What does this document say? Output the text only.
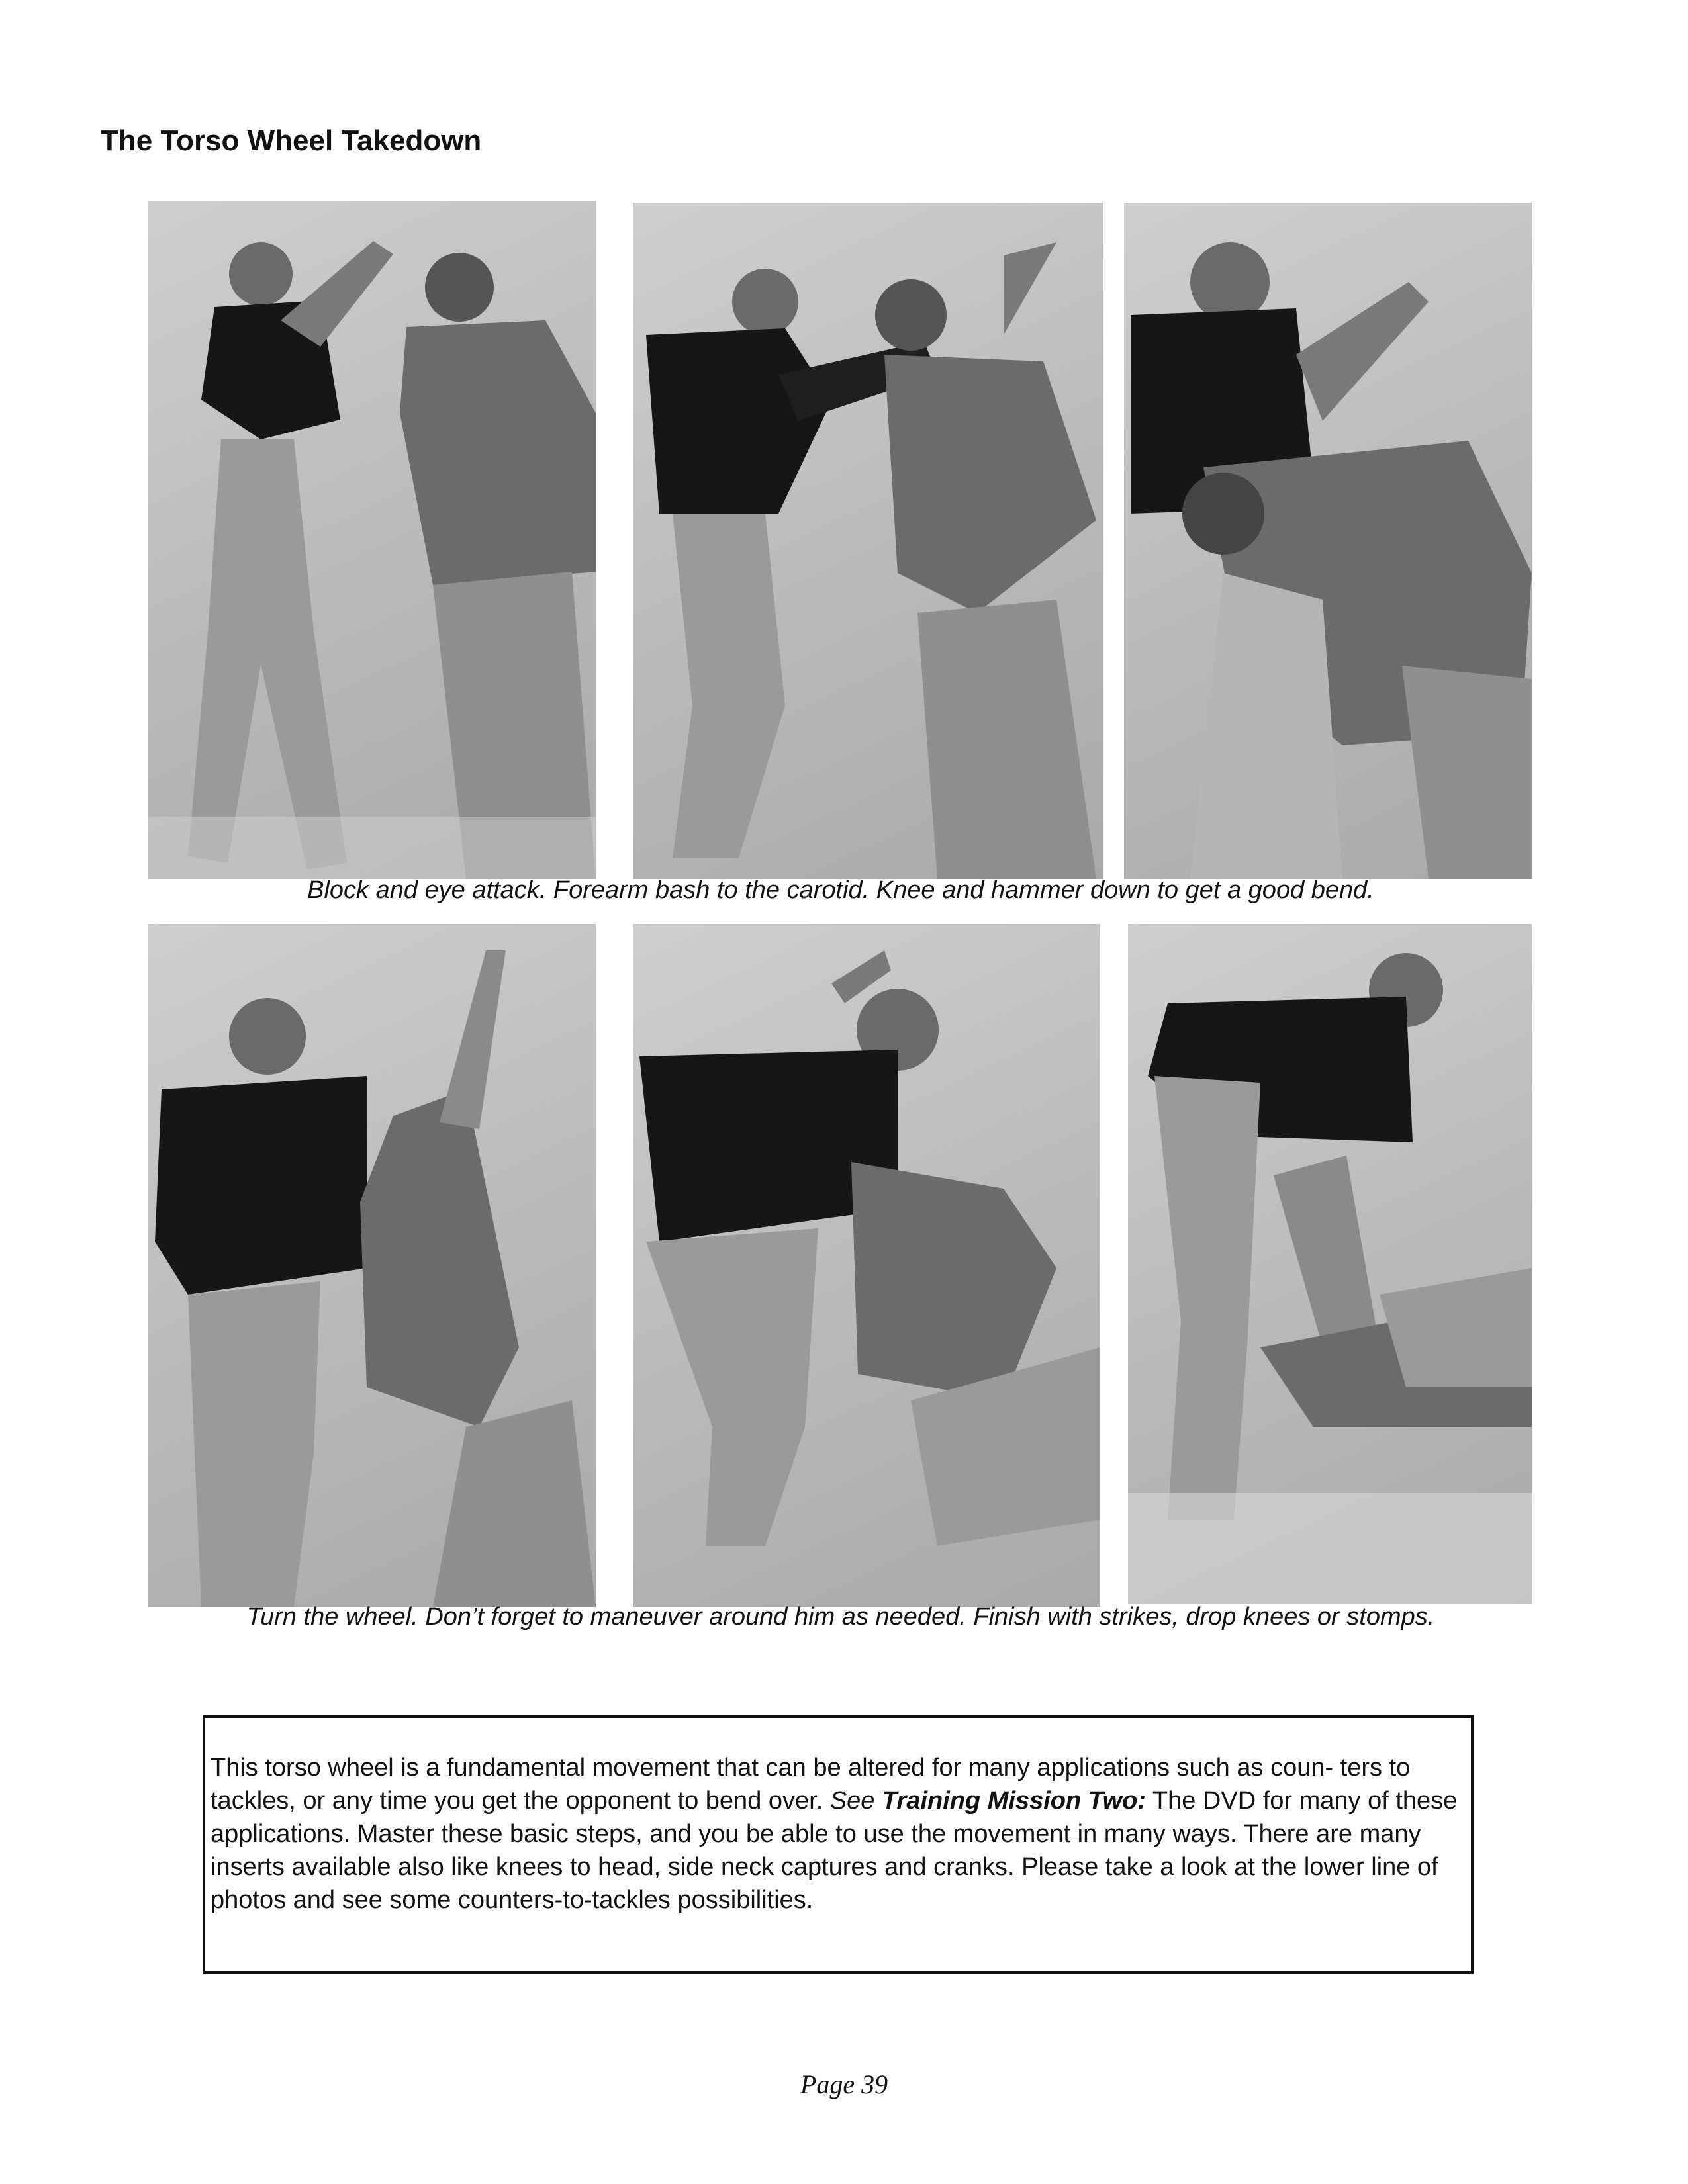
The Torso Wheel Takedown

Block and eye attack. Forearm bash to the carotid. Knee and hammer down to get a good bend.

Turn the wheel. Don’t forget to maneuver around him as needed. Finish with strikes, drop knees or stomps.

This torso wheel is a fundamental movement that can be altered for many applications such as coun- ters to tackles, or any time you get the opponent to bend over. See Training Mission Two: The DVD for many of these applications. Master these basic steps, and you be able to use the movement in many ways. There are many inserts available also like knees to head, side neck captures and cranks. Please take a look at the lower line of photos and see some counters-to-tackles possibilities.

Page 39
